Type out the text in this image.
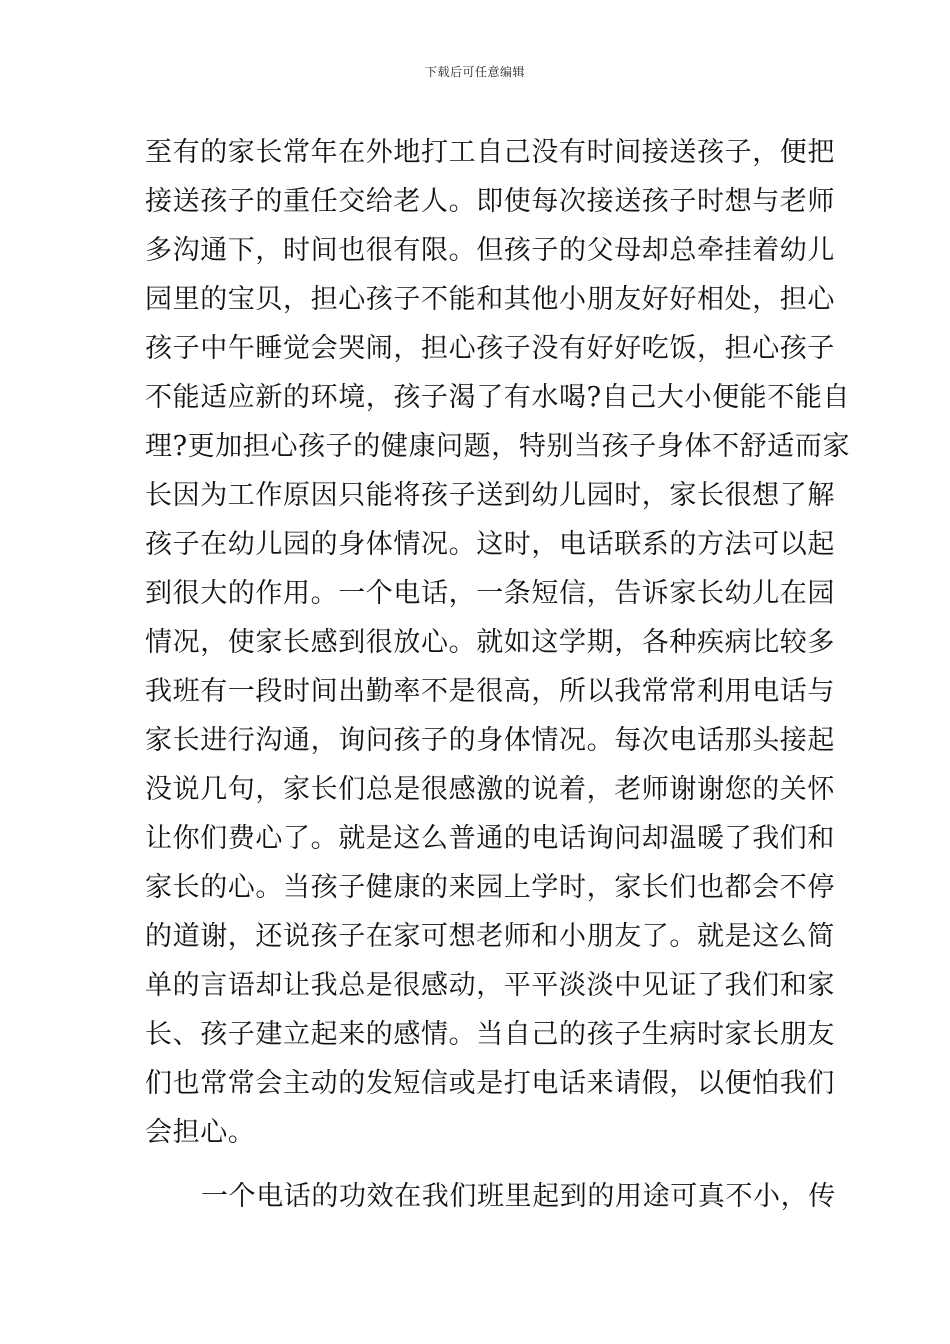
下载后可任意编辑
至有的家长常年在外地打工自己没有时间接送孩子，便把
接送孩子的重任交给老人。即使每次接送孩子时想与老师
多沟通下，时间也很有限。但孩子的父母却总牵挂着幼儿
园里的宝贝，担心孩子不能和其他小朋友好好相处，担心
孩子中午睡觉会哭闹，担心孩子没有好好吃饭，担心孩子
不能适应新的环境，孩子渴了有水喝?自己大小便能不能自
理?更加担心孩子的健康问题，特别当孩子身体不舒适而家
长因为工作原因只能将孩子送到幼儿园时，家长很想了解
孩子在幼儿园的身体情况。这时，电话联系的方法可以起
到很大的作用。一个电话，一条短信，告诉家长幼儿在园
情况，使家长感到很放心。就如这学期，各种疾病比较多
我班有一段时间出勤率不是很高，所以我常常利用电话与
家长进行沟通，询问孩子的身体情况。每次电话那头接起
没说几句，家长们总是很感激的说着，老师谢谢您的关怀
让你们费心了。就是这么普通的电话询问却温暖了我们和
家长的心。当孩子健康的来园上学时，家长们也都会不停
的道谢，还说孩子在家可想老师和小朋友了。就是这么简
单的言语却让我总是很感动，平平淡淡中见证了我们和家
长、孩子建立起来的感情。当自己的孩子生病时家长朋友
们也常常会主动的发短信或是打电话来请假，以便怕我们
会担心。
一个电话的功效在我们班里起到的用途可真不小，传
